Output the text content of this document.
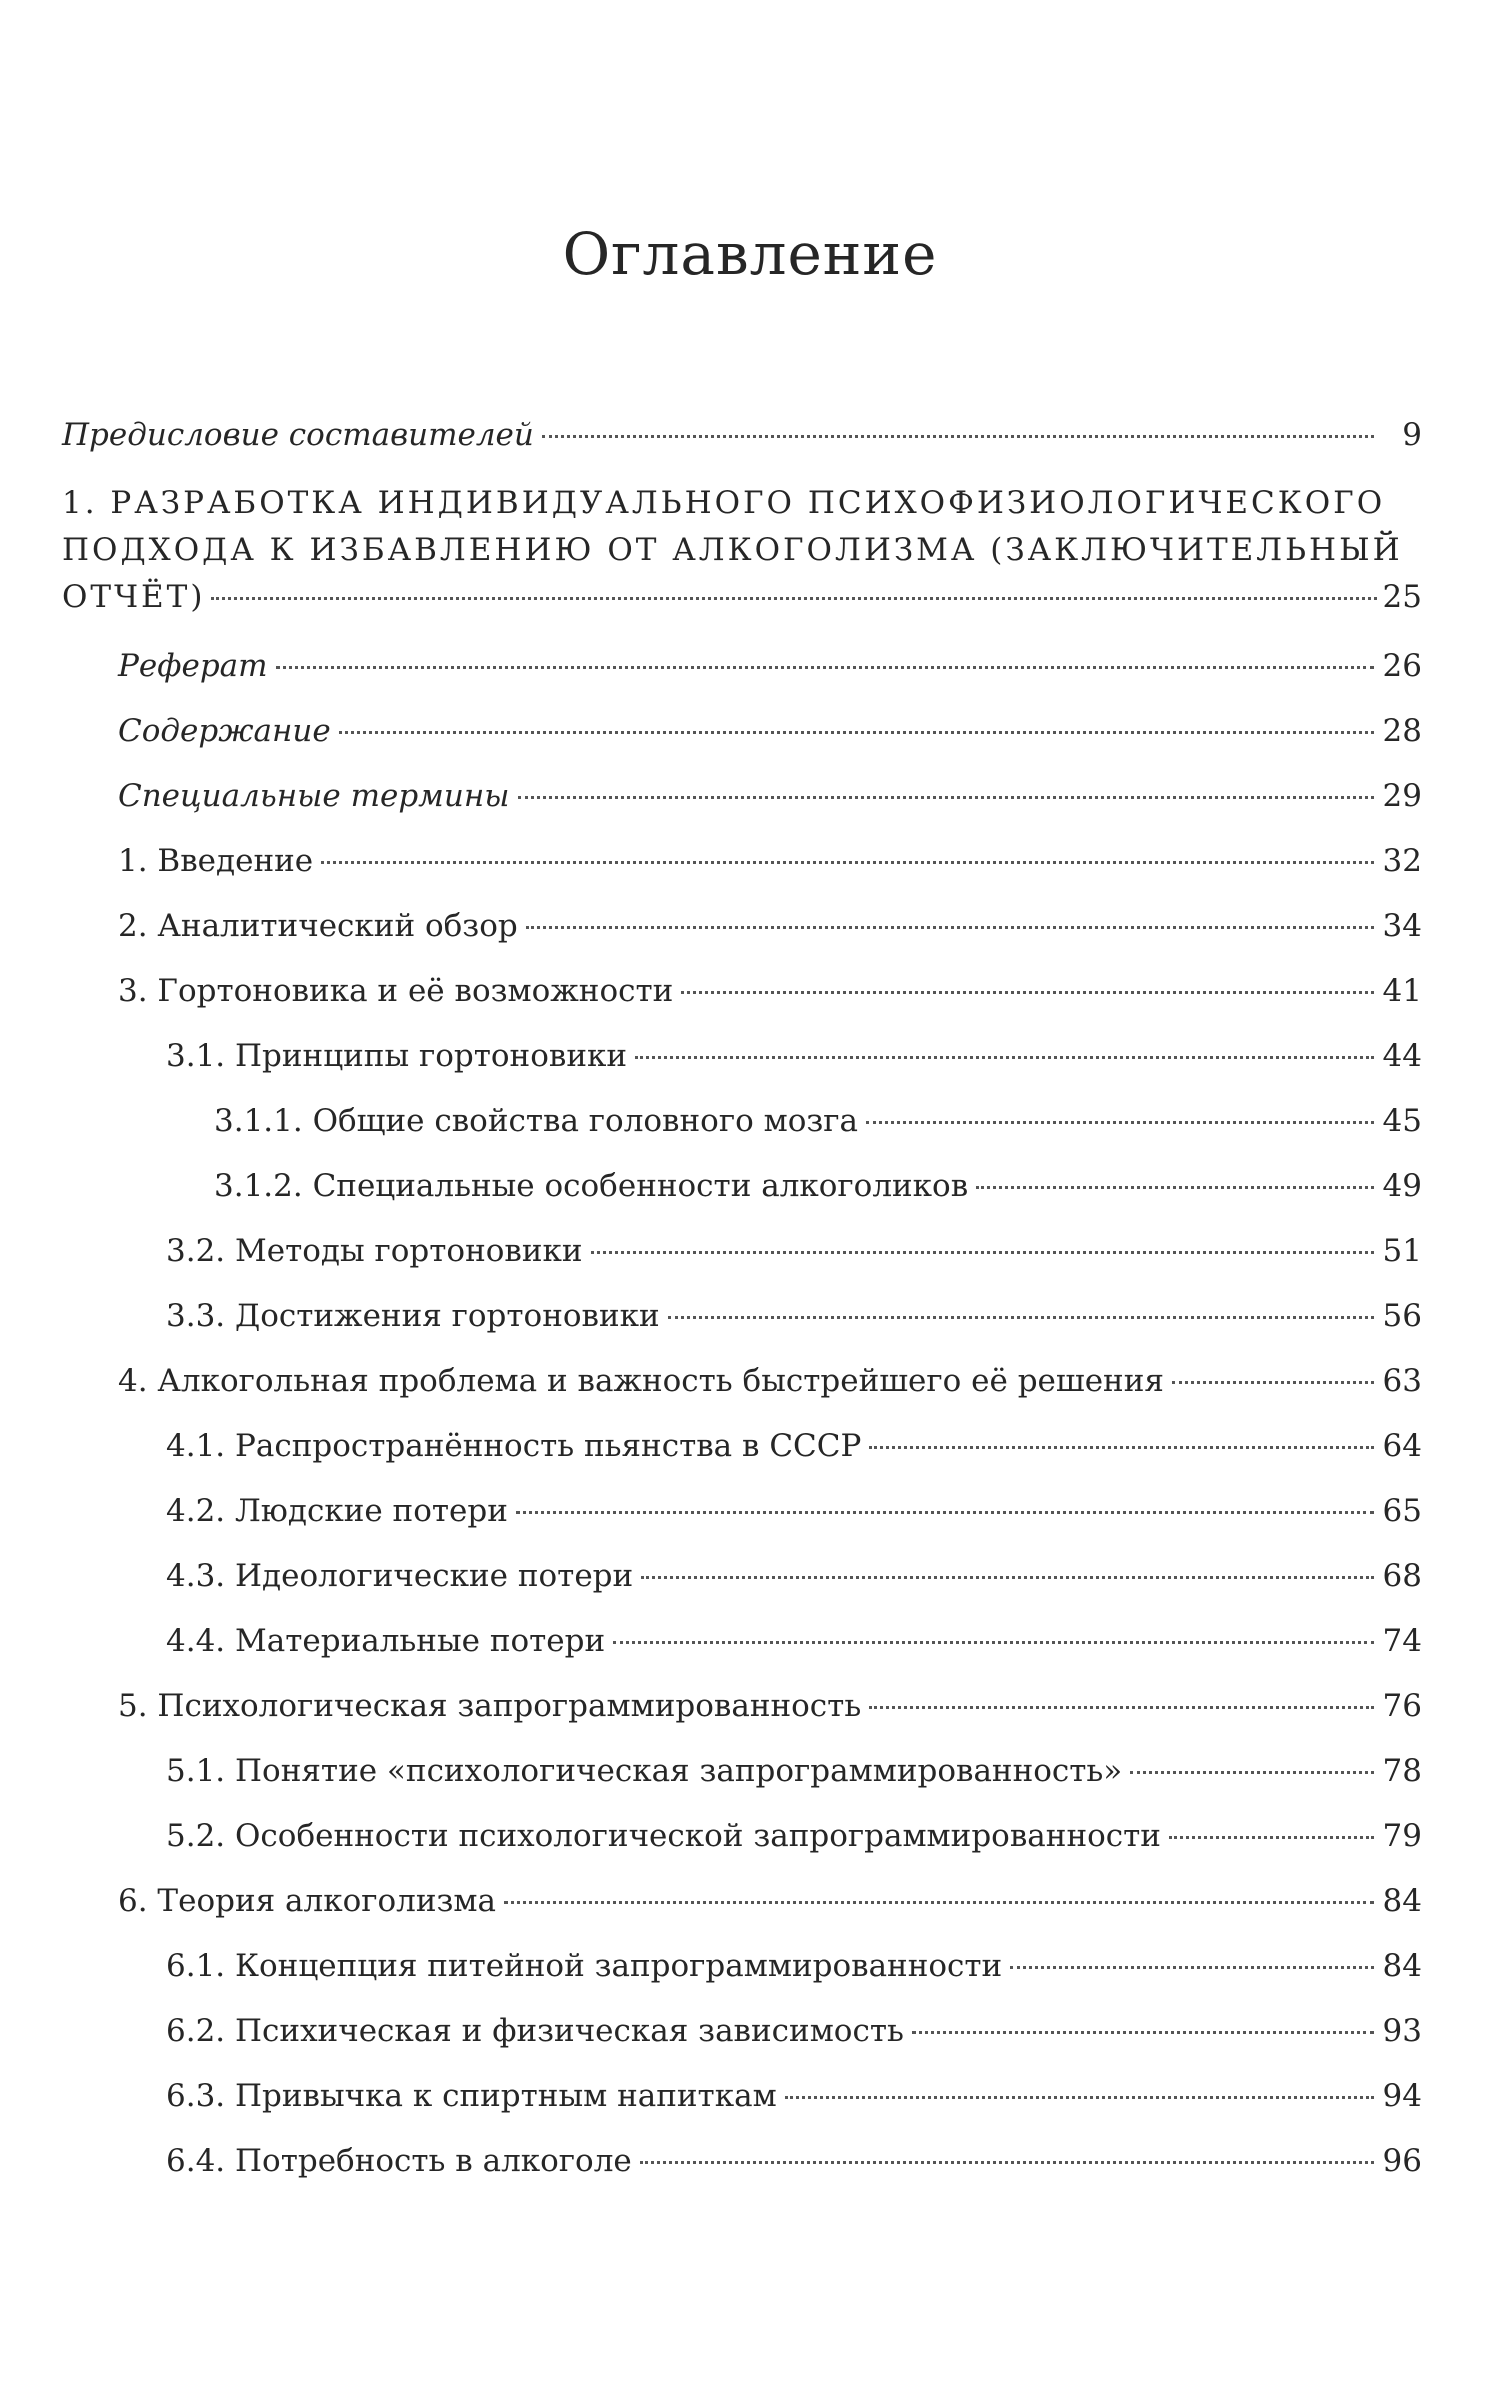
Оглавление
Предисловие составителей	9
1. РАЗРАБОТКА ИНДИВИДУАЛЬНОГО ПСИХОФИЗИОЛОГИЧЕСКОГО
ПОДХОДА К ИЗБАВЛЕНИЮ ОТ АЛКОГОЛИЗМА (ЗАКЛЮЧИТЕЛЬНЫЙ
ОТЧЁТ)	25
Реферат	26
Содержание	28
Специальные термины	29
1. Введение	32
2. Аналитический обзор	34
3. Гортоновика и её возможности	41
3.1. Принципы гортоновики	44
3.1.1. Общие свойства головного мозга	45
3.1.2. Специальные особенности алкоголиков	49
3.2. Методы гортоновики	51
3.3. Достижения гортоновики	56
4. Алкогольная проблема и важность быстрейшего её решения	63
4.1. Распространённость пьянства в СССР	64
4.2. Людские потери	65
4.3. Идеологические потери	68
4.4. Материальные потери	74
5. Психологическая запрограммированность	76
5.1. Понятие «психологическая запрограммированность»	78
5.2. Особенности психологической запрограммированности	79
6. Теория алкоголизма	84
6.1. Концепция питейной запрограммированности	84
6.2. Психическая и физическая зависимость	93
6.3. Привычка к спиртным напиткам	94
6.4. Потребность в алкоголе	96
